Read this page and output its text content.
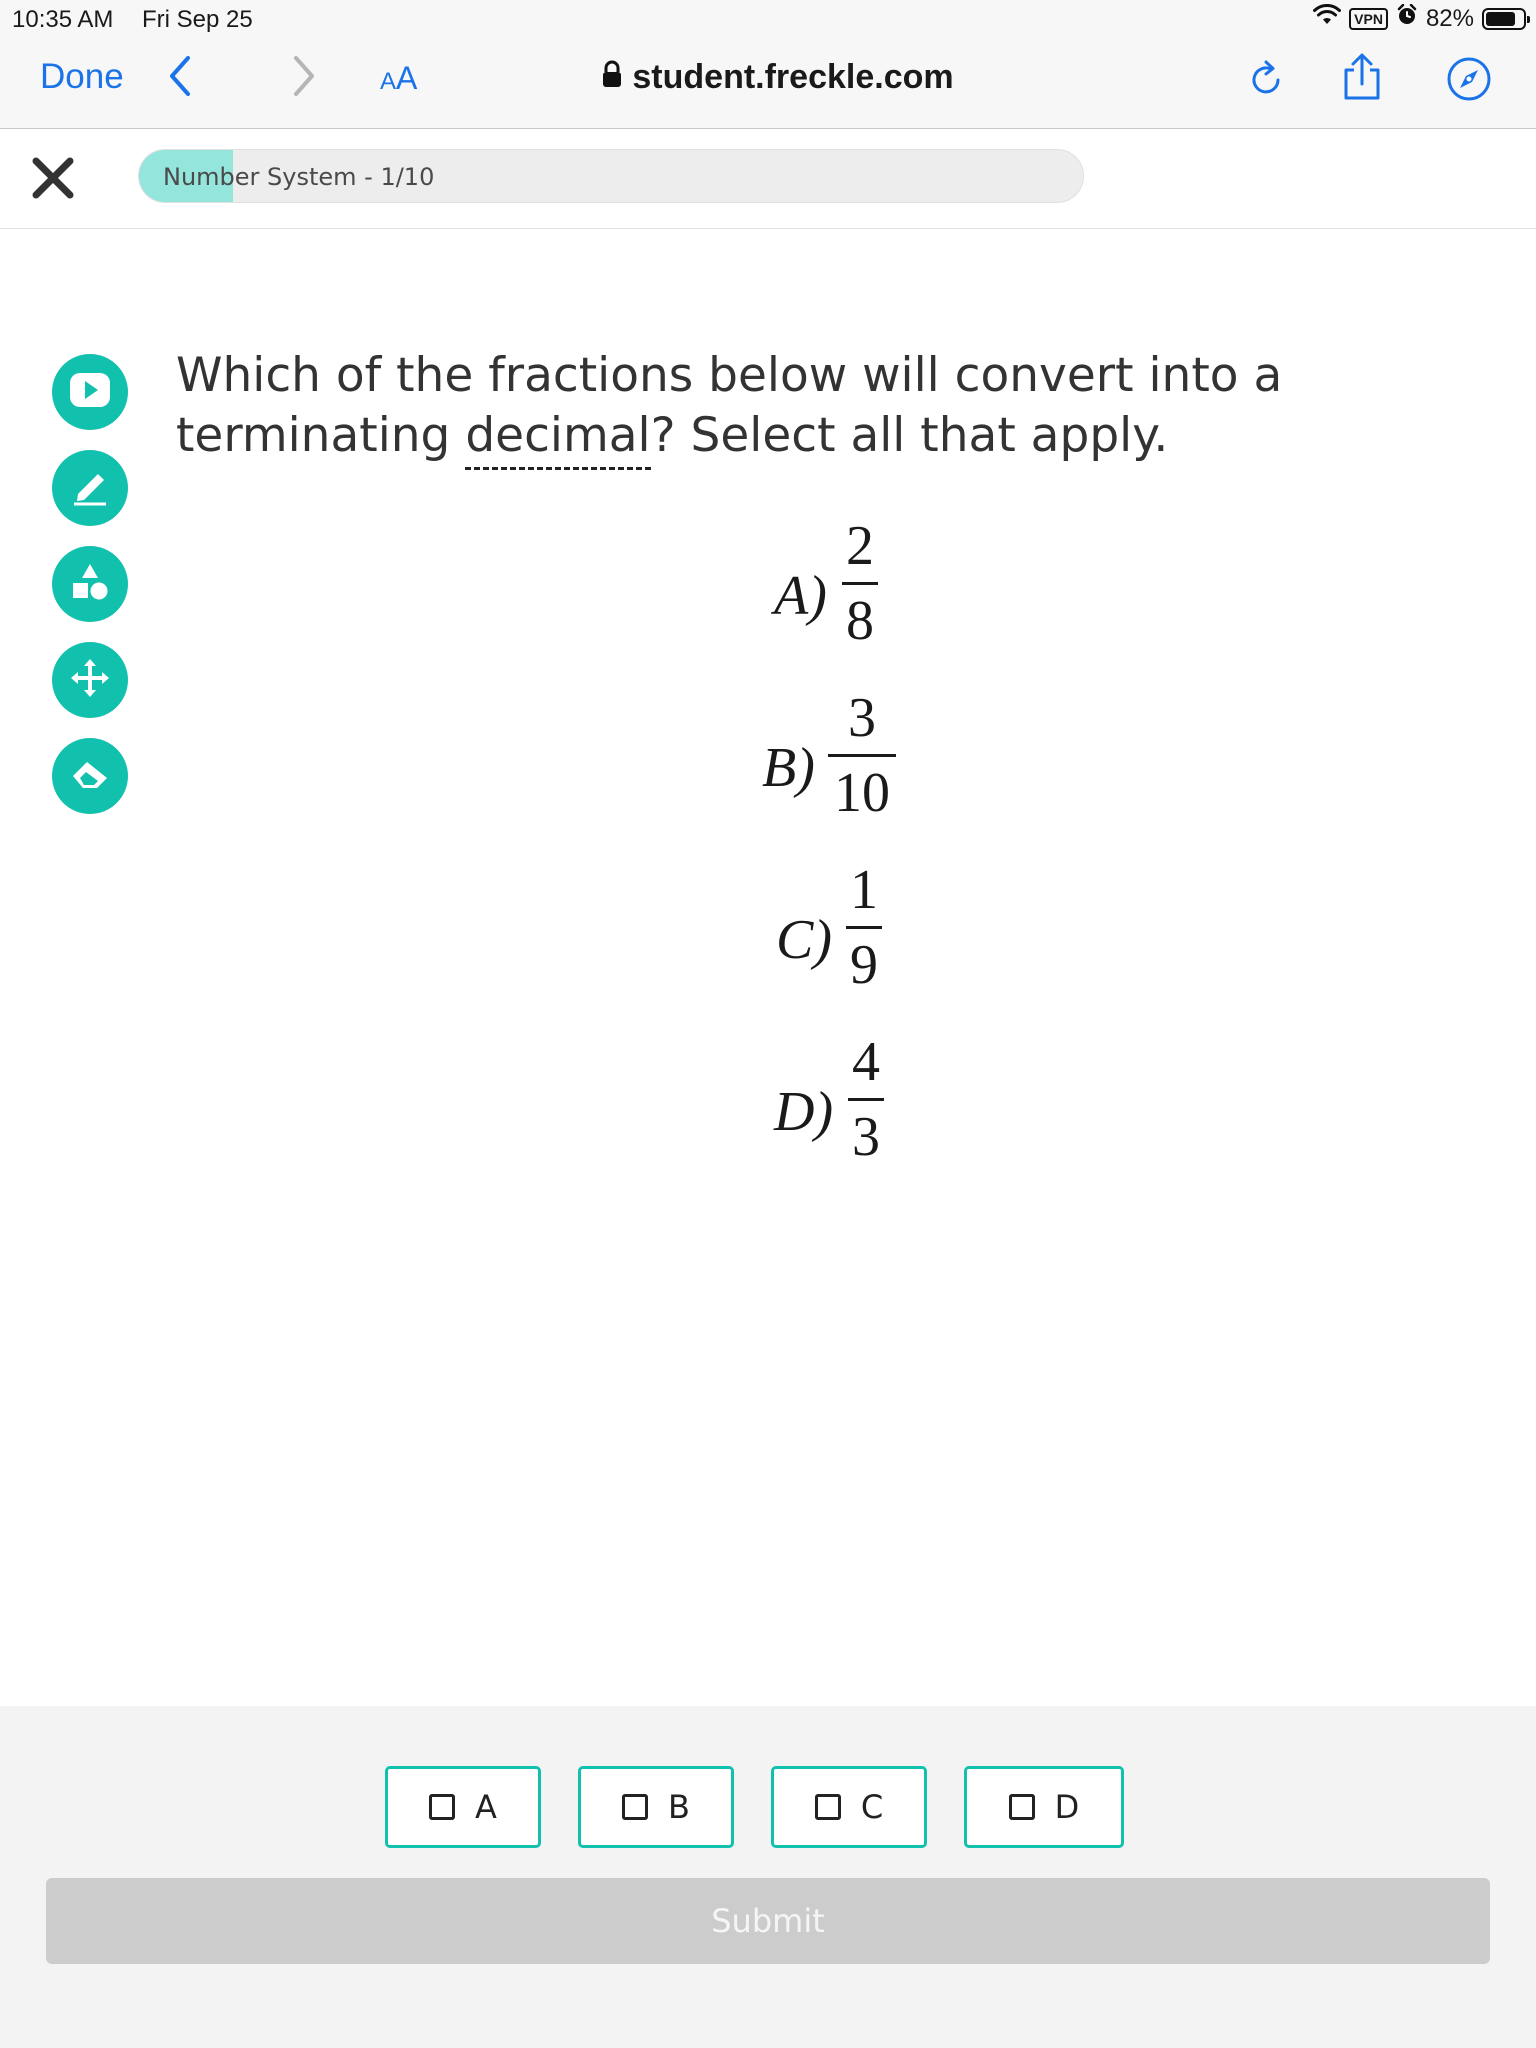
10:35 AM Fri Sep 25	VPN 82%
Done	AA	student.freckle.com
Number System - 1/10
Which of the fractions below will convert into a terminating decimal? Select all that apply.
A)
2
8
B)
3
10
C)
1
9
D)
4
3
A	B	C	D
Submit
